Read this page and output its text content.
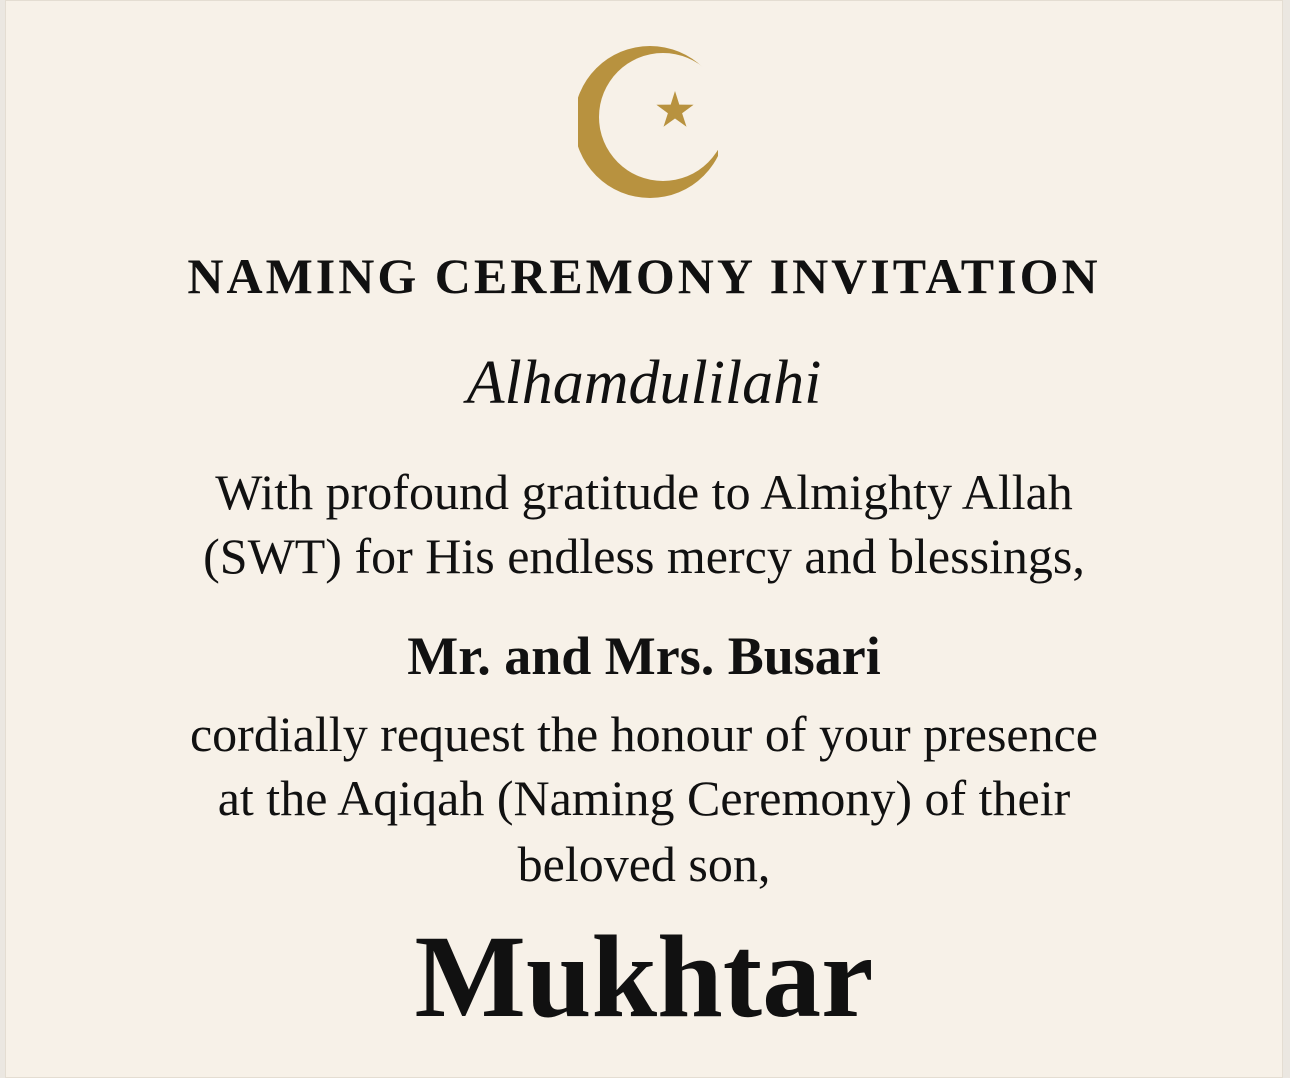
NAMING CEREMONY INVITATION

Alhamdulilahi

With profound gratitude to Almighty Allah

(SWT) for His endless mercy and blessings,

Mr. and Mrs. Busari

cordially request the honour of your presence

at the Aqiqah (Naming Ceremony) of their

beloved son,

Mukhtar
